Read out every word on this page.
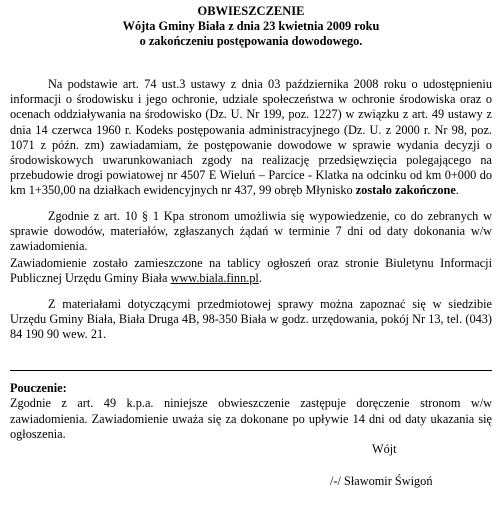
OBWIESZCZENIE

Wójta Gminy Biała z dnia 23 kwietnia 2009 roku

o zakończeniu postępowania dowodowego.

Na podstawie art. 74 ust.3 ustawy z dnia 03 października 2008 roku o udostępnieniu informacji o środowisku i jego ochronie, udziale społeczeństwa w ochronie środowiska oraz o ocenach oddziaływania na środowisko (Dz. U. Nr 199, poz. 1227) w związku z art. 49 ustawy z dnia 14 czerwca 1960 r. Kodeks postępowania administracyjnego (Dz. U. z 2000 r. Nr 98, poz. 1071 z późn. zm) zawiadamiam, że postępowanie dowodowe w sprawie wydania decyzji o środowiskowych uwarunkowaniach zgody na realizację przedsięwzięcia polegającego na przebudowie drogi powiatowej nr 4507 E Wieluń – Parcice - Klatka na odcinku od km 0+000 do km 1+350,00 na działkach ewidencyjnych nr 437, 99 obręb Młynisko zostało zakończone.

Zgodnie z art. 10 § 1 Kpa stronom umożliwia się wypowiedzenie, co do zebranych w sprawie dowodów, materiałów, zgłaszanych żądań w terminie 7 dni od daty dokonania w/w zawiadomienia.

Zawiadomienie zostało zamieszczone na tablicy ogłoszeń oraz stronie Biuletynu Informacji Publicznej Urzędu Gminy Biała www.biala.finn.pl.

Z materiałami dotyczącymi przedmiotowej sprawy można zapoznać się w siedzibie Urzędu Gminy Biała, Biała Druga 4B, 98-350 Biała w godz. urzędowania, pokój Nr 13, tel. (043) 84 190 90 wew. 21.

Pouczenie:

Zgodnie z art. 49 k.p.a. niniejsze obwieszczenie zastępuje doręczenie stronom w/w zawiadomienia. Zawiadomienie uważa się za dokonane po upływie 14 dni od daty ukazania się ogłoszenia.

Wójt
/-/ Sławomir Świgoń
